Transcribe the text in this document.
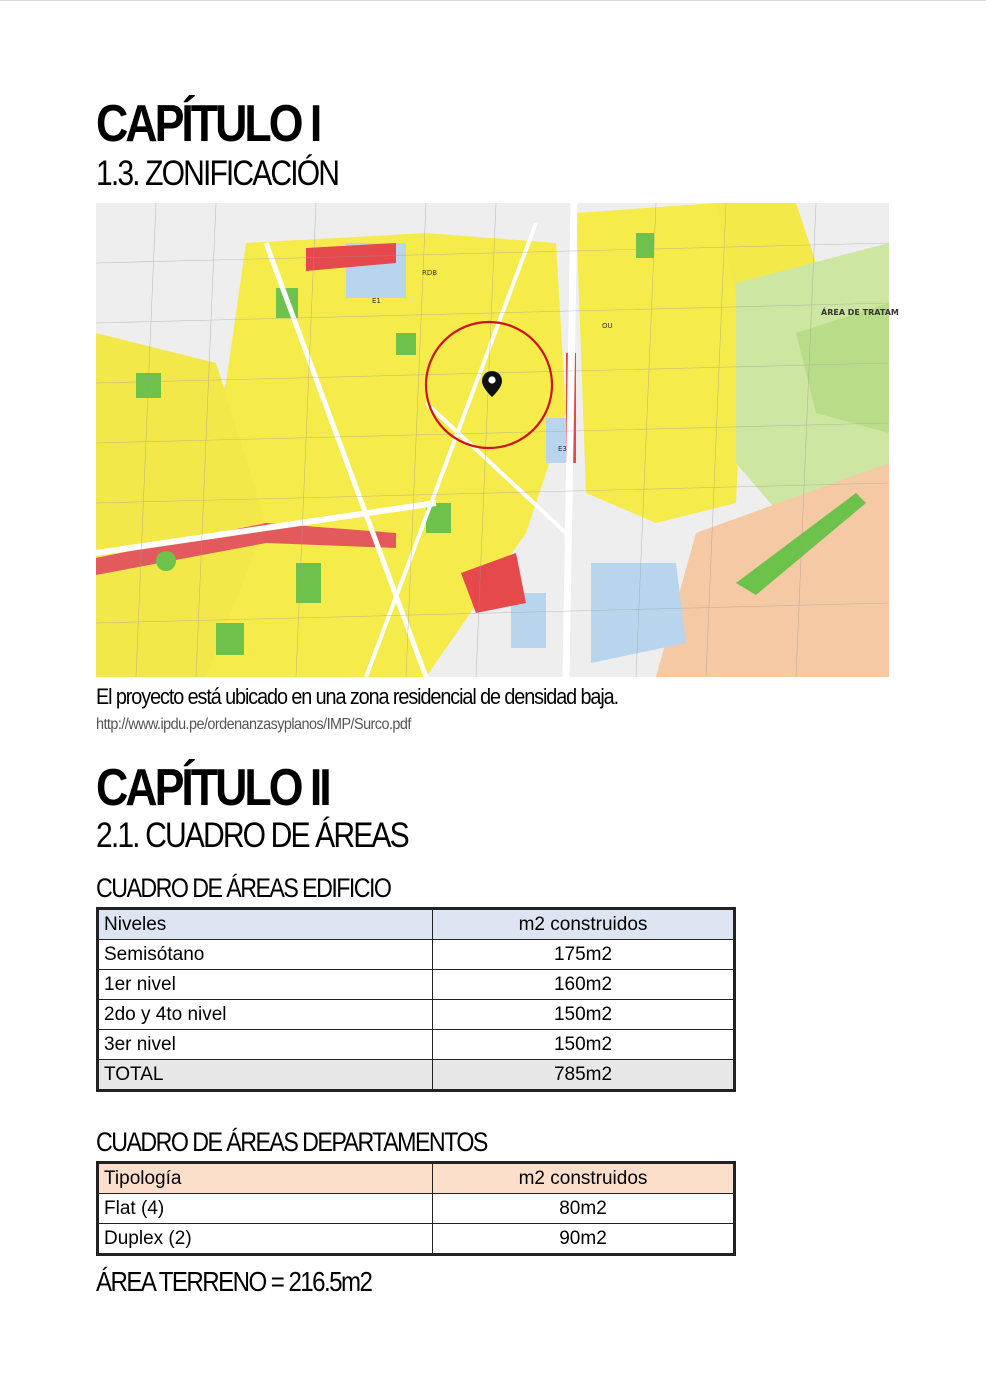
CAPÍTULO I
1.3. ZONIFICACIÓN
E1
E3
OU
RDB
ÁREA DE TRATAM
El proyecto está ubicado en una zona residencial de densidad baja.
http://www.ipdu.pe/ordenanzasyplanos/IMP/Surco.pdf
CAPÍTULO II
2.1. CUADRO DE ÁREAS
CUADRO DE ÁREAS EDIFICIO
Niveles	m2 construidos
Semisótano	175m2
1er nivel	160m2
2do y 4to nivel	150m2
3er nivel	150m2
TOTAL	785m2
CUADRO DE ÁREAS DEPARTAMENTOS
Tipología	m2 construidos
Flat (4)	80m2
Duplex (2)	90m2
ÁREA TERRENO = 216.5m2
